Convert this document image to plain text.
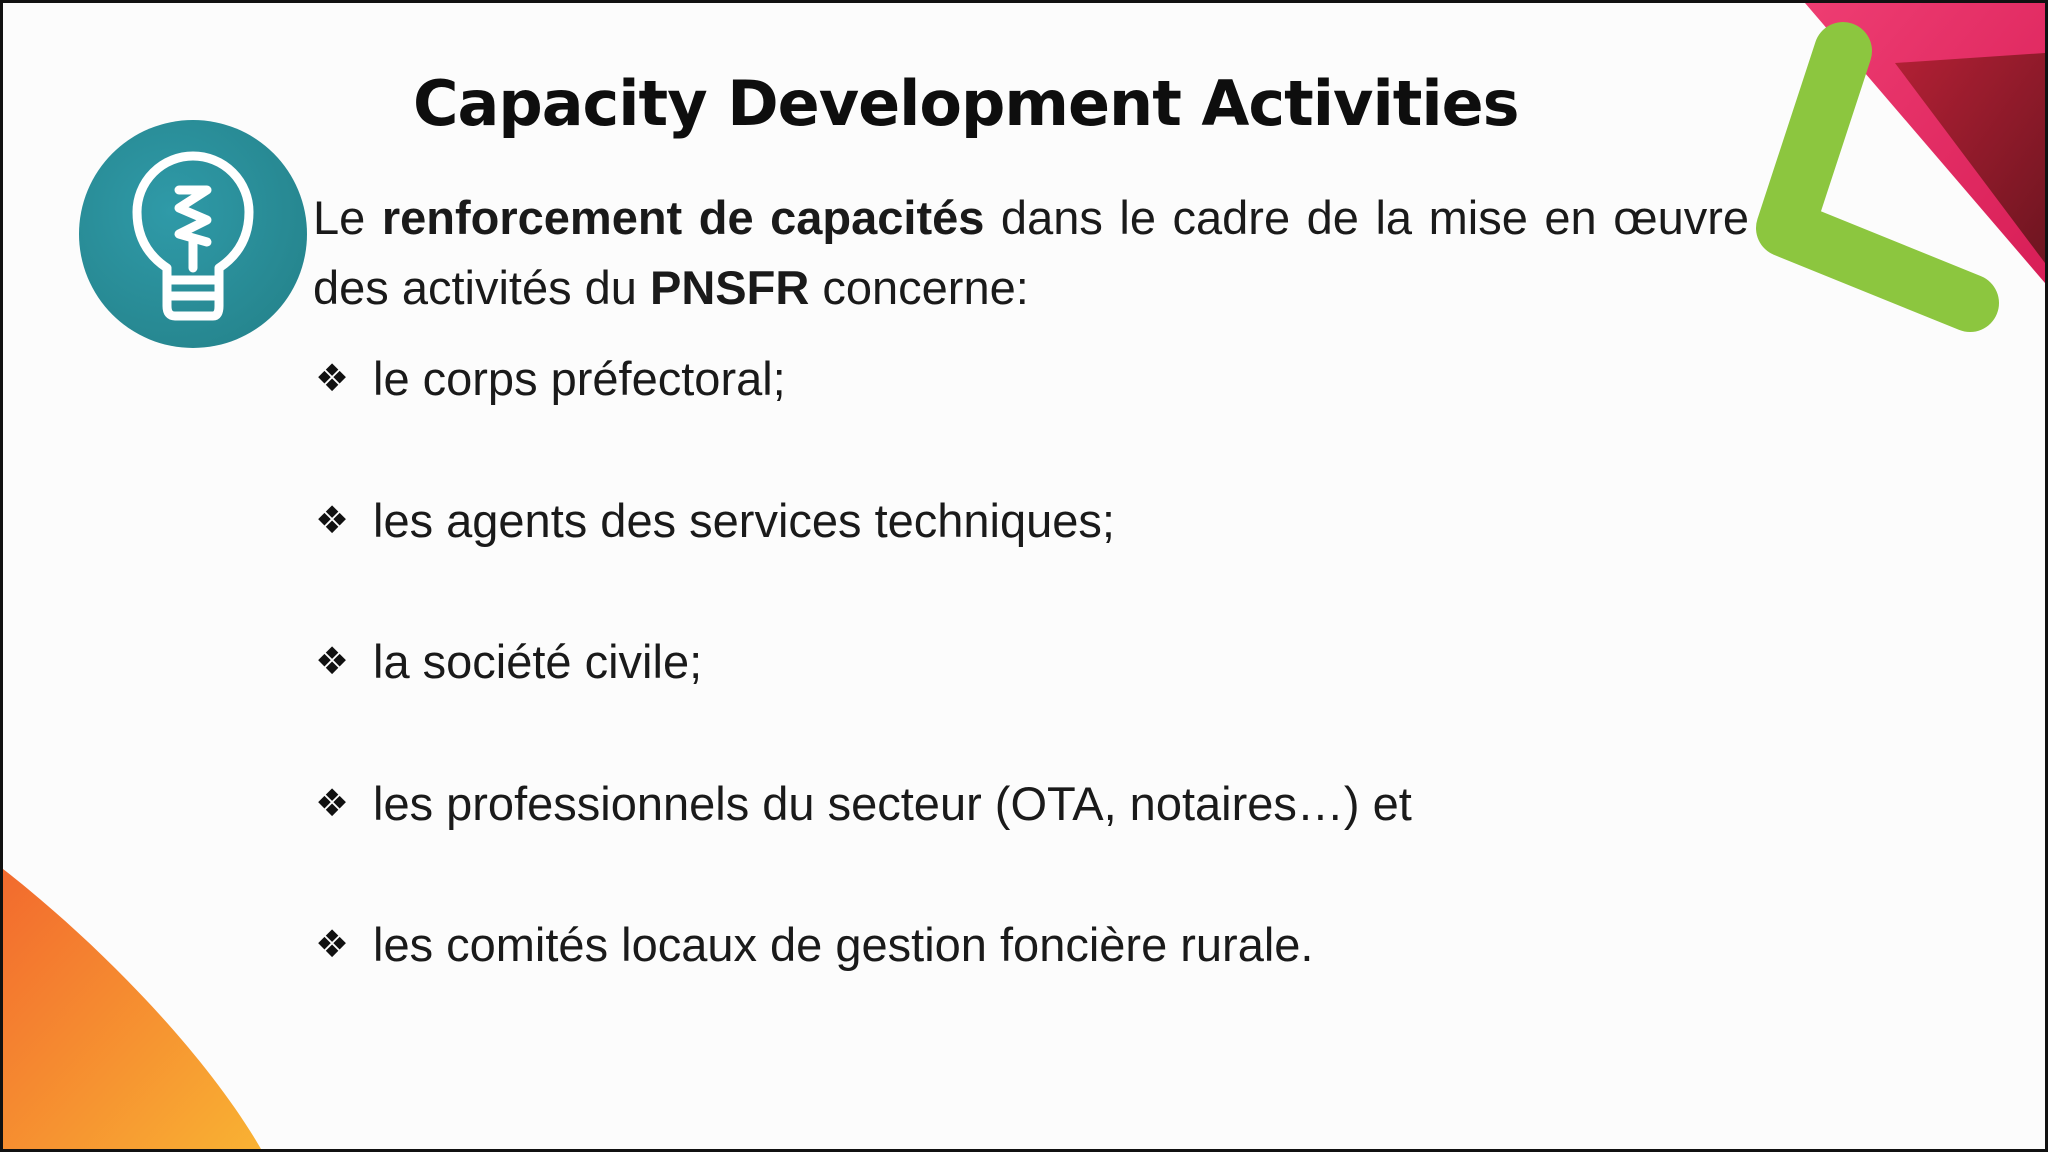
Capacity Development Activities

Le renforcement de capacités dans le cadre de la mise en œuvre des activités du PNSFR concerne:

❖ le corps préfectoral;
❖ les agents des services techniques;
❖ la société civile;
❖ les professionnels du secteur (OTA, notaires…) et
❖ les comités locaux de gestion foncière rurale.
